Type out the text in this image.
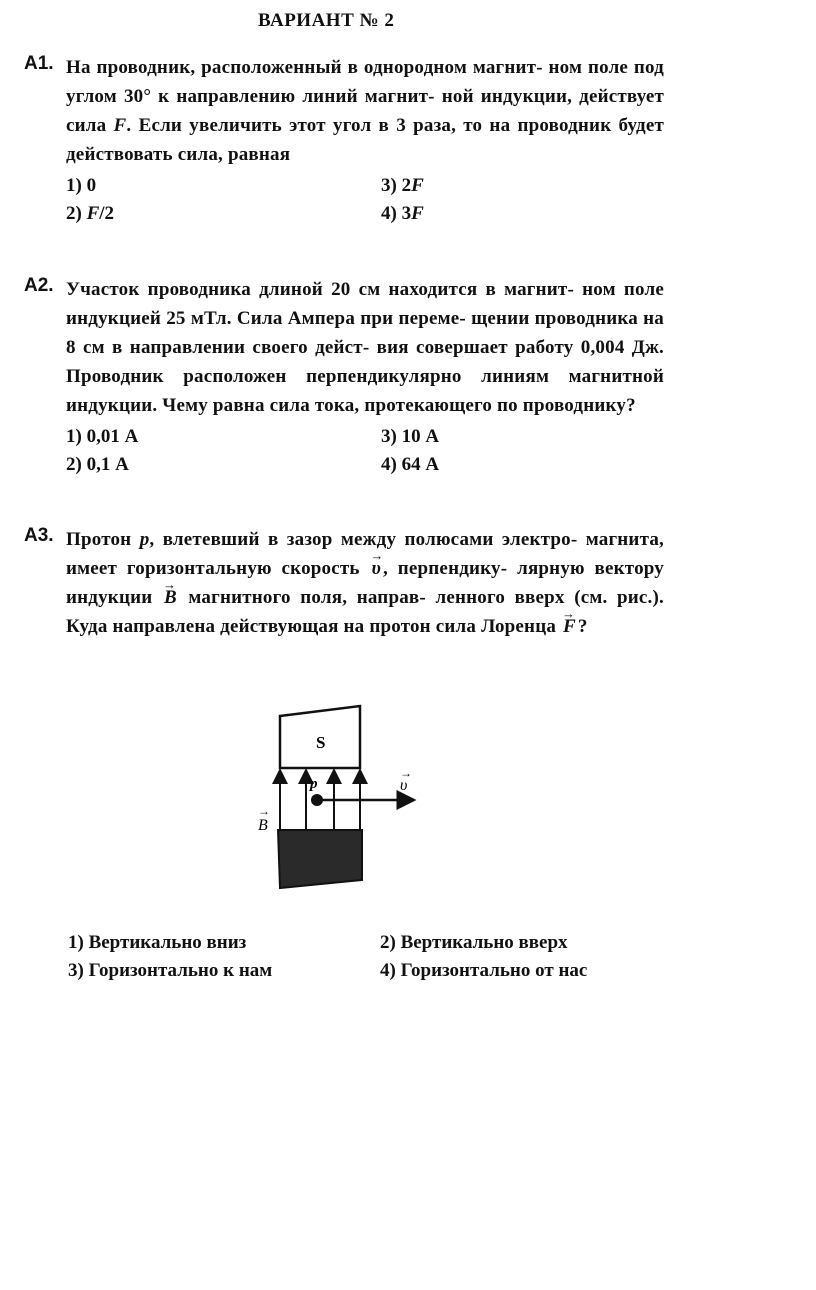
ВАРИАНТ № 2
А1. На проводник, расположенный в однородном магнит- ном поле под углом 30° к направлению линий магнит- ной индукции, действует сила F. Если увеличить этот угол в 3 раза, то на проводник будет действовать сила, равная
1) 0	3) 2F
2) F/2	4) 3F
А2. Участок проводника длиной 20 см находится в магнит- ном поле индукцией 25 мТл. Сила Ампера при переме- щении проводника на 8 см в направлении своего дейст- вия совершает работу 0,004 Дж. Проводник расположен перпендикулярно линиям магнитной индукции. Чему равна сила тока, протекающего по проводнику?
1) 0,01 А	3) 10 А
2) 0,1 А	4) 64 А
А3. Протон p, влетевший в зазор между полюсами электро- магнита, имеет горизонтальную скорость → υ , перпендику- лярную вектору индукции → B магнитного поля, направ- ленного вверх (см. рис.). Куда направлена действующая на протон сила Лоренца → F ?
S
p	υ
→
B
→
1) Вертикально вниз	2) Вертикально вверх
3) Горизонтально к нам	4) Горизонтально от нас
